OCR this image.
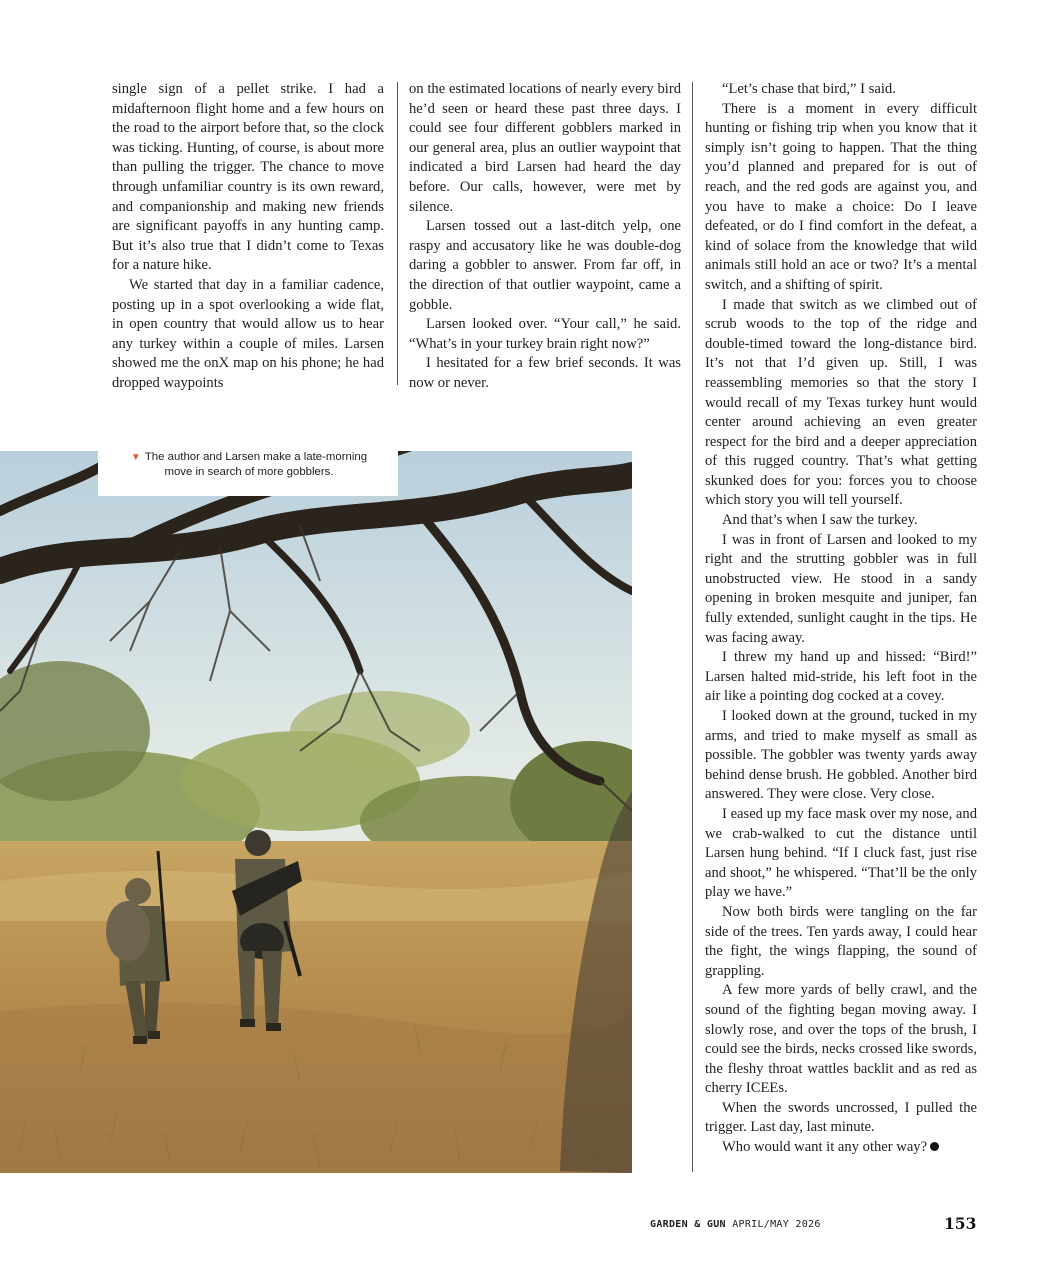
single sign of a pellet strike. I had a midafternoon flight home and a few hours on the road to the airport before that, so the clock was ticking. Hunting, of course, is about more than pulling the trigger. The chance to move through unfamiliar country is its own reward, and companionship and making new friends are significant payoffs in any hunting camp. But it’s also true that I didn’t come to Texas for a nature hike.

We started that day in a familiar cadence, posting up in a spot overlooking a wide flat, in open country that would allow us to hear any turkey within a couple of miles. Larsen showed me the onX map on his phone; he had dropped waypoints

on the estimated locations of nearly every bird he’d seen or heard these past three days. I could see four different gobblers marked in our general area, plus an outlier waypoint that indicated a bird Larsen had heard the day before. Our calls, however, were met by silence.

Larsen tossed out a last-ditch yelp, one raspy and accusatory like he was double-dog daring a gobbler to answer. From far off, in the direction of that outlier waypoint, came a gobble.

Larsen looked over. “Your call,” he said. “What’s in your turkey brain right now?”

I hesitated for a few brief seconds. It was now or never.

“Let’s chase that bird,” I said.

There is a moment in every difficult hunting or fishing trip when you know that it simply isn’t going to happen. That the thing you’d planned and prepared for is out of reach, and the red gods are against you, and you have to make a choice: Do I leave defeated, or do I find comfort in the defeat, a kind of solace from the knowledge that wild animals still hold an ace or two? It’s a mental switch, and a shifting of spirit.

I made that switch as we climbed out of scrub woods to the top of the ridge and double-timed toward the long-distance bird. It’s not that I’d given up. Still, I was reassembling memories so that the story I would recall of my Texas turkey hunt would center around achieving an even greater respect for the bird and a deeper appreciation of this rugged country. That’s what getting skunked does for you: forces you to choose which story you will tell yourself.

And that’s when I saw the turkey.

I was in front of Larsen and looked to my right and the strutting gobbler was in full unobstructed view. He stood in a sandy opening in broken mesquite and juniper, fan fully extended, sunlight caught in the tips. He was facing away.

I threw my hand up and hissed: “Bird!” Larsen halted mid-stride, his left foot in the air like a pointing dog cocked at a covey.

I looked down at the ground, tucked in my arms, and tried to make myself as small as possible. The gobbler was twenty yards away behind dense brush. He gobbled. Another bird answered. They were close. Very close.

I eased up my face mask over my nose, and we crab-walked to cut the distance until Larsen hung behind. “If I cluck fast, just rise and shoot,” he whispered. “That’ll be the only play we have.”

Now both birds were tangling on the far side of the trees. Ten yards away, I could hear the fight, the wings flapping, the sound of grappling.

A few more yards of belly crawl, and the sound of the fighting began moving away. I slowly rose, and over the tops of the brush, I could see the birds, necks crossed like swords, the fleshy throat wattles backlit and as red as cherry ICEEs.

When the swords uncrossed, I pulled the trigger. Last day, last minute.

Who would want it any other way?

▼ The author and Larsen make a late-morning move in search of more gobblers.
GARDEN & GUN APRIL/MAY 2026	153
